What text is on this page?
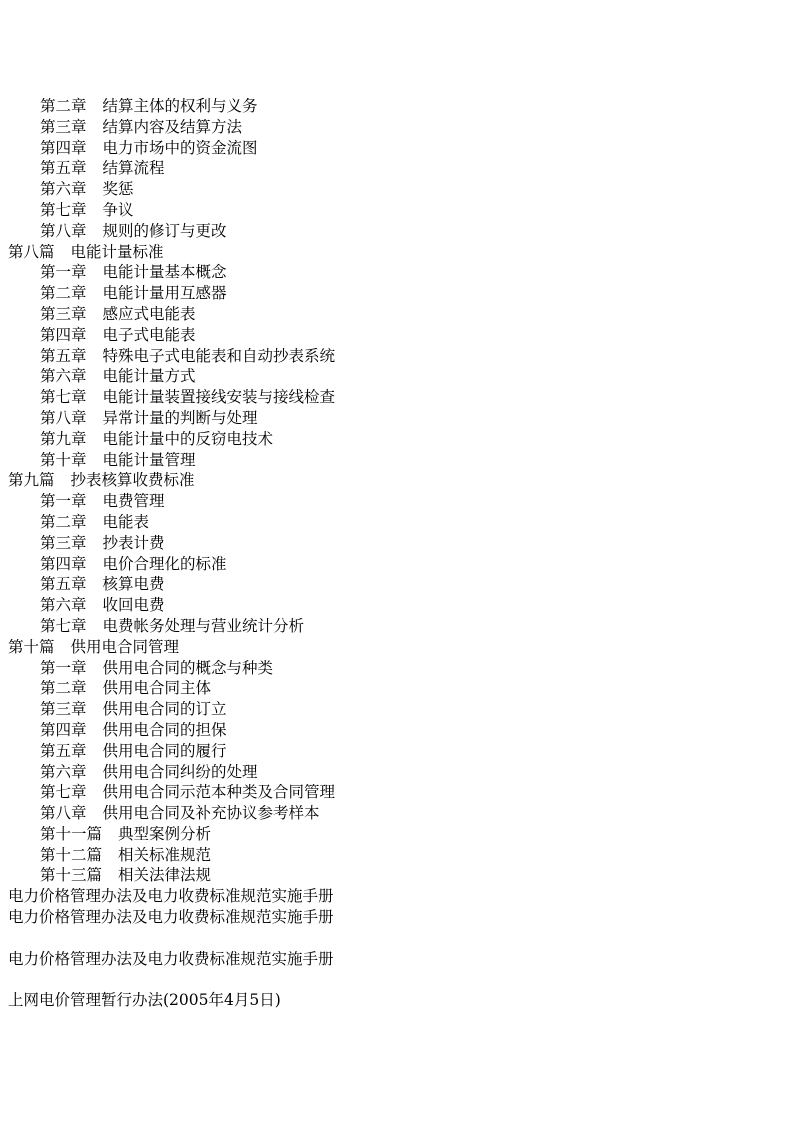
第二章 结算主体的权利与义务
第三章 结算内容及结算方法
第四章 电力市场中的资金流图
第五章 结算流程
第六章 奖惩
第七章 争议
第八章 规则的修订与更改
第八篇 电能计量标准
第一章 电能计量基本概念
第二章 电能计量用互感器
第三章 感应式电能表
第四章 电子式电能表
第五章 特殊电子式电能表和自动抄表系统
第六章 电能计量方式
第七章 电能计量装置接线安装与接线检查
第八章 异常计量的判断与处理
第九章 电能计量中的反窃电技术
第十章 电能计量管理
第九篇 抄表核算收费标准
第一章 电费管理
第二章 电能表
第三章 抄表计费
第四章 电价合理化的标准
第五章 核算电费
第六章 收回电费
第七章 电费帐务处理与营业统计分析
第十篇 供用电合同管理
第一章 供用电合同的概念与种类
第二章 供用电合同主体
第三章 供用电合同的订立
第四章 供用电合同的担保
第五章 供用电合同的履行
第六章 供用电合同纠纷的处理
第七章 供用电合同示范本种类及合同管理
第八章 供用电合同及补充协议参考样本
第十一篇 典型案例分析
第十二篇 相关标准规范
第十三篇 相关法律法规
电力价格管理办法及电力收费标准规范实施手册
电力价格管理办法及电力收费标准规范实施手册
电力价格管理办法及电力收费标准规范实施手册
上网电价管理暂行办法(2005年4月5日)
